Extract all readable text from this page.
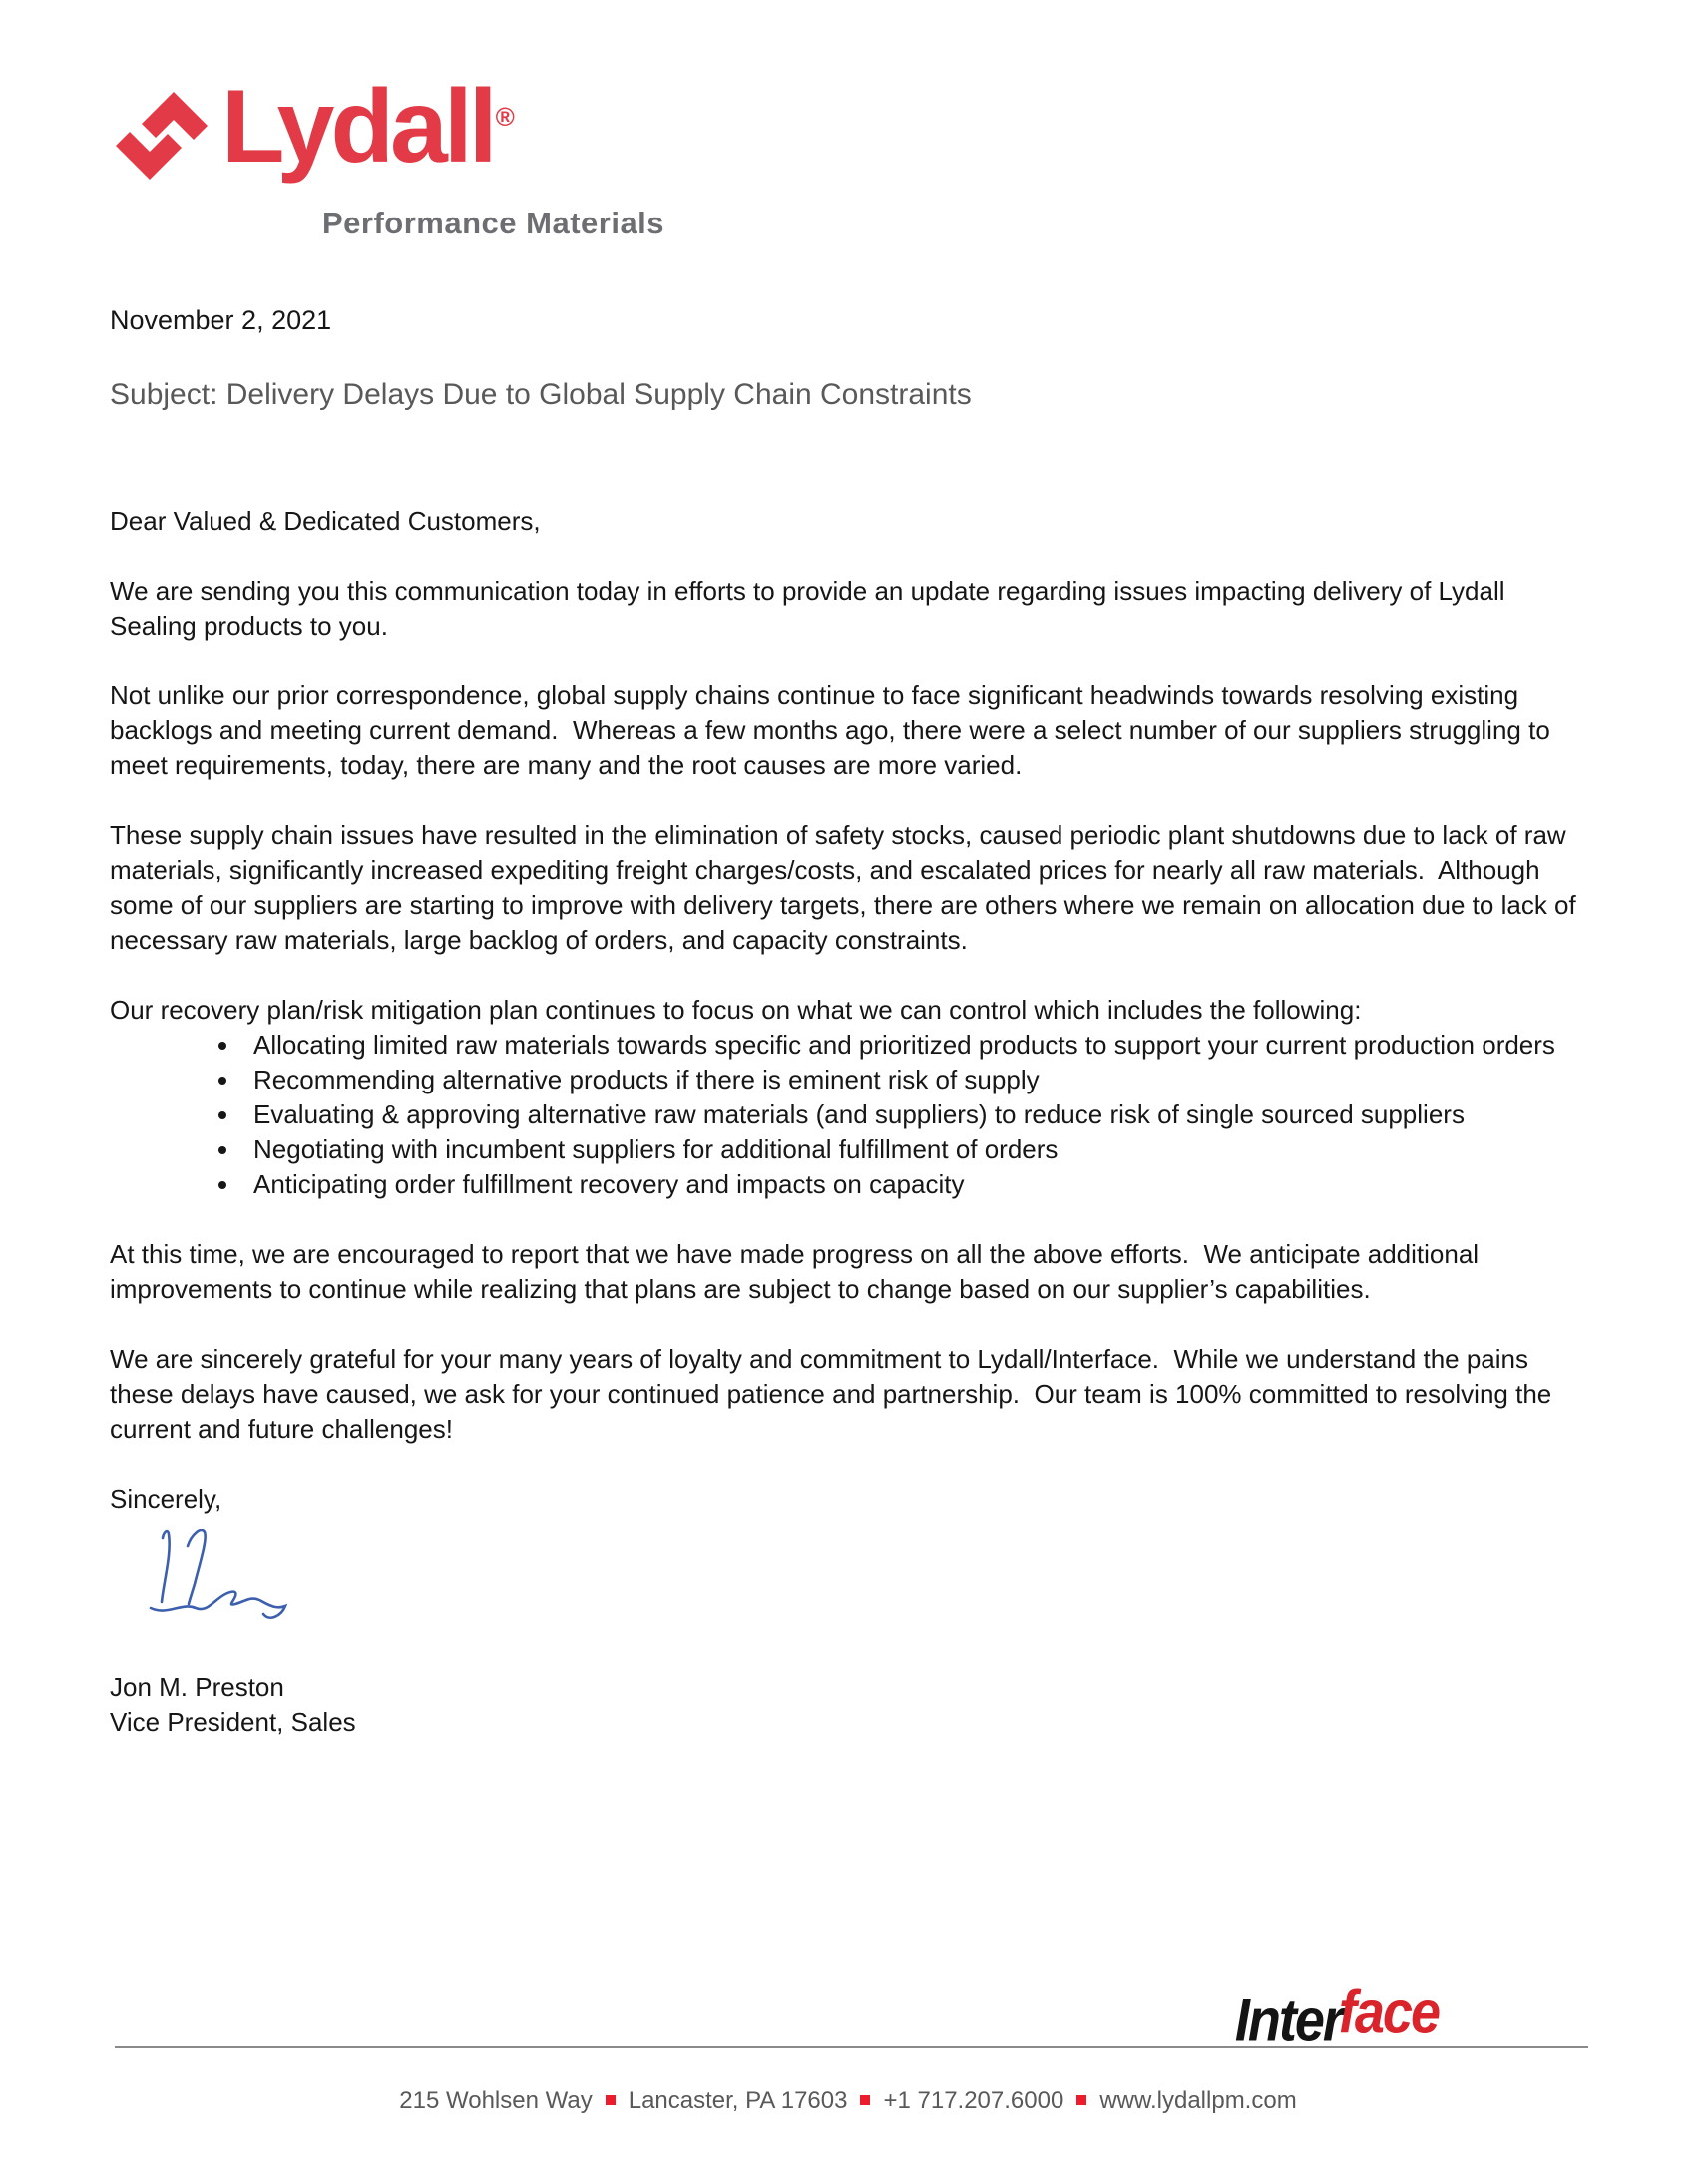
Lydall®
Performance Materials

November 2, 2021

Subject: Delivery Delays Due to Global Supply Chain Constraints

Dear Valued & Dedicated Customers,

We are sending you this communication today in efforts to provide an update regarding issues impacting delivery of Lydall Sealing products to you.

Not unlike our prior correspondence, global supply chains continue to face significant headwinds towards resolving existing backlogs and meeting current demand.  Whereas a few months ago, there were a select number of our suppliers struggling to meet requirements, today, there are many and the root causes are more varied.

These supply chain issues have resulted in the elimination of safety stocks, caused periodic plant shutdowns due to lack of raw materials, significantly increased expediting freight charges/costs, and escalated prices for nearly all raw materials.  Although some of our suppliers are starting to improve with delivery targets, there are others where we remain on allocation due to lack of necessary raw materials, large backlog of orders, and capacity constraints.

Our recovery plan/risk mitigation plan continues to focus on what we can control which includes the following:

• Allocating limited raw materials towards specific and prioritized products to support your current production orders
• Recommending alternative products if there is eminent risk of supply
• Evaluating & approving alternative raw materials (and suppliers) to reduce risk of single sourced suppliers
• Negotiating with incumbent suppliers for additional fulfillment of orders
• Anticipating order fulfillment recovery and impacts on capacity

At this time, we are encouraged to report that we have made progress on all the above efforts.  We anticipate additional improvements to continue while realizing that plans are subject to change based on our supplier’s capabilities.

We are sincerely grateful for your many years of loyalty and commitment to Lydall/Interface.  While we understand the pains these delays have caused, we ask for your continued patience and partnership.  Our team is 100% committed to resolving the current and future challenges!

Sincerely,

Jon M. Preston

Vice President, Sales

Interface
215 Wohlsen Way Lancaster, PA 17603 +1 717.207.6000 www.lydallpm.com
